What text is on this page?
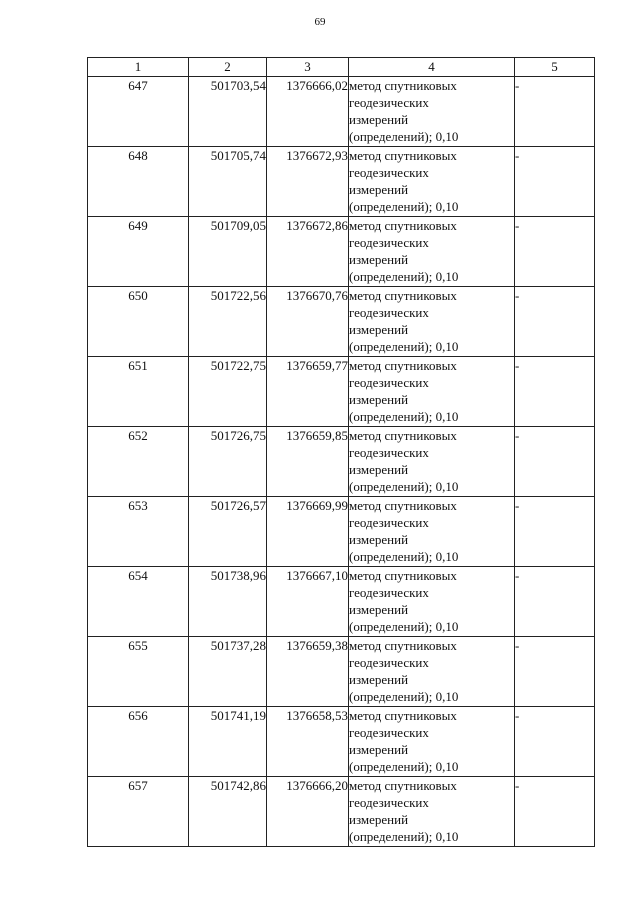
69
1	2	3	4	5
647	501703,54	1376666,02	метод спутниковых
геодезических
измерений
(определений); 0,10	-
648	501705,74	1376672,93	метод спутниковых
геодезических
измерений
(определений); 0,10	-
649	501709,05	1376672,86	метод спутниковых
геодезических
измерений
(определений); 0,10	-
650	501722,56	1376670,76	метод спутниковых
геодезических
измерений
(определений); 0,10	-
651	501722,75	1376659,77	метод спутниковых
геодезических
измерений
(определений); 0,10	-
652	501726,75	1376659,85	метод спутниковых
геодезических
измерений
(определений); 0,10	-
653	501726,57	1376669,99	метод спутниковых
геодезических
измерений
(определений); 0,10	-
654	501738,96	1376667,10	метод спутниковых
геодезических
измерений
(определений); 0,10	-
655	501737,28	1376659,38	метод спутниковых
геодезических
измерений
(определений); 0,10	-
656	501741,19	1376658,53	метод спутниковых
геодезических
измерений
(определений); 0,10	-
657	501742,86	1376666,20	метод спутниковых
геодезических
измерений
(определений); 0,10	-
